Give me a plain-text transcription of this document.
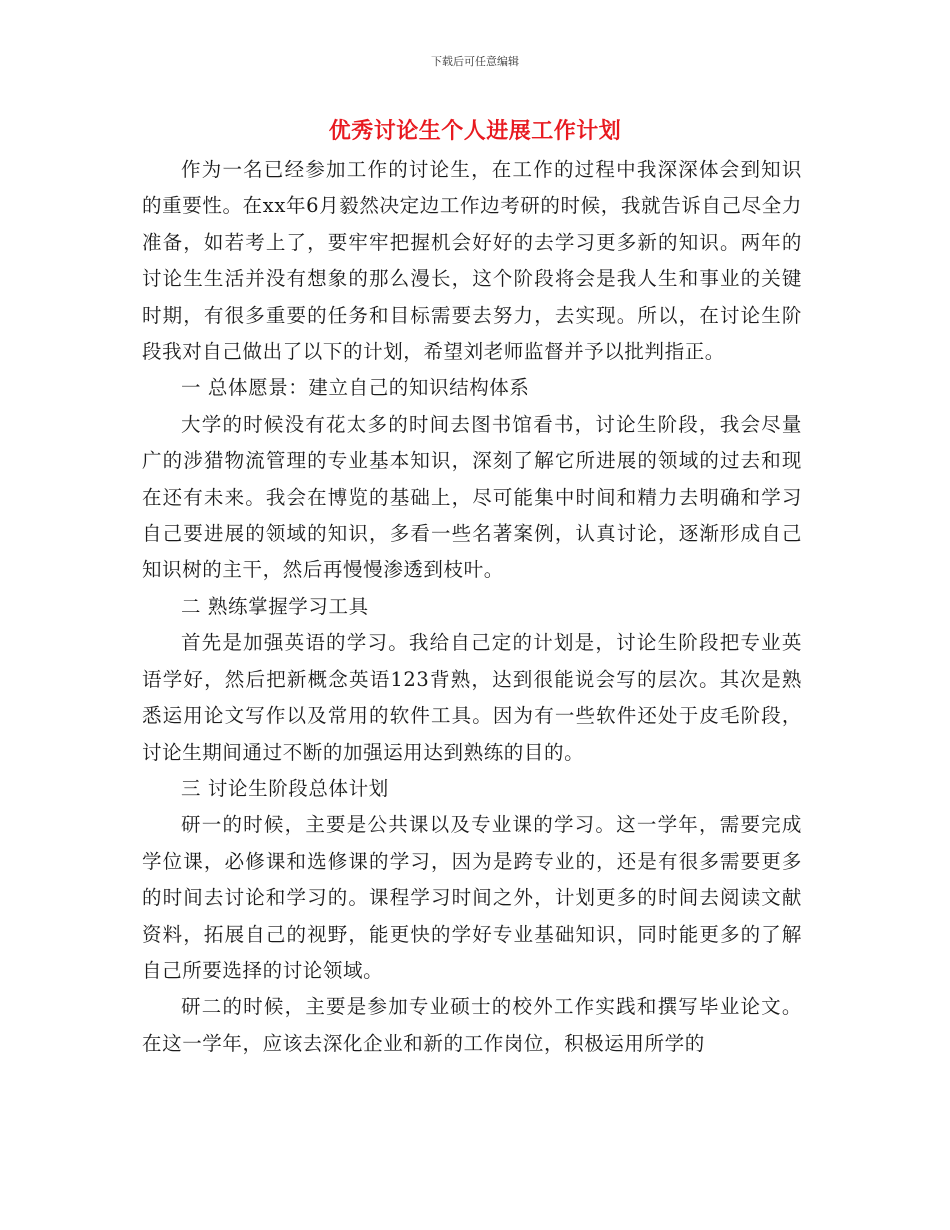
下载后可任意编辑
优秀讨论生个人进展工作计划

作为一名已经参加工作的讨论生，在工作的过程中我深深体会到知识的重要性。在xx年6月毅然决定边工作边考研的时候，我就告诉自己尽全力准备，如若考上了，要牢牢把握机会好好的去学习更多新的知识。两年的讨论生生活并没有想象的那么漫长，这个阶段将会是我人生和事业的关键时期，有很多重要的任务和目标需要去努力，去实现。所以，在讨论生阶段我对自己做出了以下的计划，希望刘老师监督并予以批判指正。

一 总体愿景：建立自己的知识结构体系

大学的时候没有花太多的时间去图书馆看书，讨论生阶段，我会尽量广的涉猎物流管理的专业基本知识，深刻了解它所进展的领域的过去和现在还有未来。我会在博览的基础上，尽可能集中时间和精力去明确和学习自己要进展的领域的知识，多看一些名著案例，认真讨论，逐渐形成自己知识树的主干，然后再慢慢渗透到枝叶。

二 熟练掌握学习工具

首先是加强英语的学习。我给自己定的计划是，讨论生阶段把专业英语学好，然后把新概念英语123背熟，达到很能说会写的层次。其次是熟悉运用论文写作以及常用的软件工具。因为有一些软件还处于皮毛阶段，讨论生期间通过不断的加强运用达到熟练的目的。

三 讨论生阶段总体计划

研一的时候，主要是公共课以及专业课的学习。这一学年，需要完成学位课，必修课和选修课的学习，因为是跨专业的，还是有很多需要更多的时间去讨论和学习的。课程学习时间之外，计划更多的时间去阅读文献资料，拓展自己的视野，能更快的学好专业基础知识，同时能更多的了解自己所要选择的讨论领域。

研二的时候，主要是参加专业硕士的校外工作实践和撰写毕业论文。在这一学年，应该去深化企业和新的工作岗位，积极运用所学的
